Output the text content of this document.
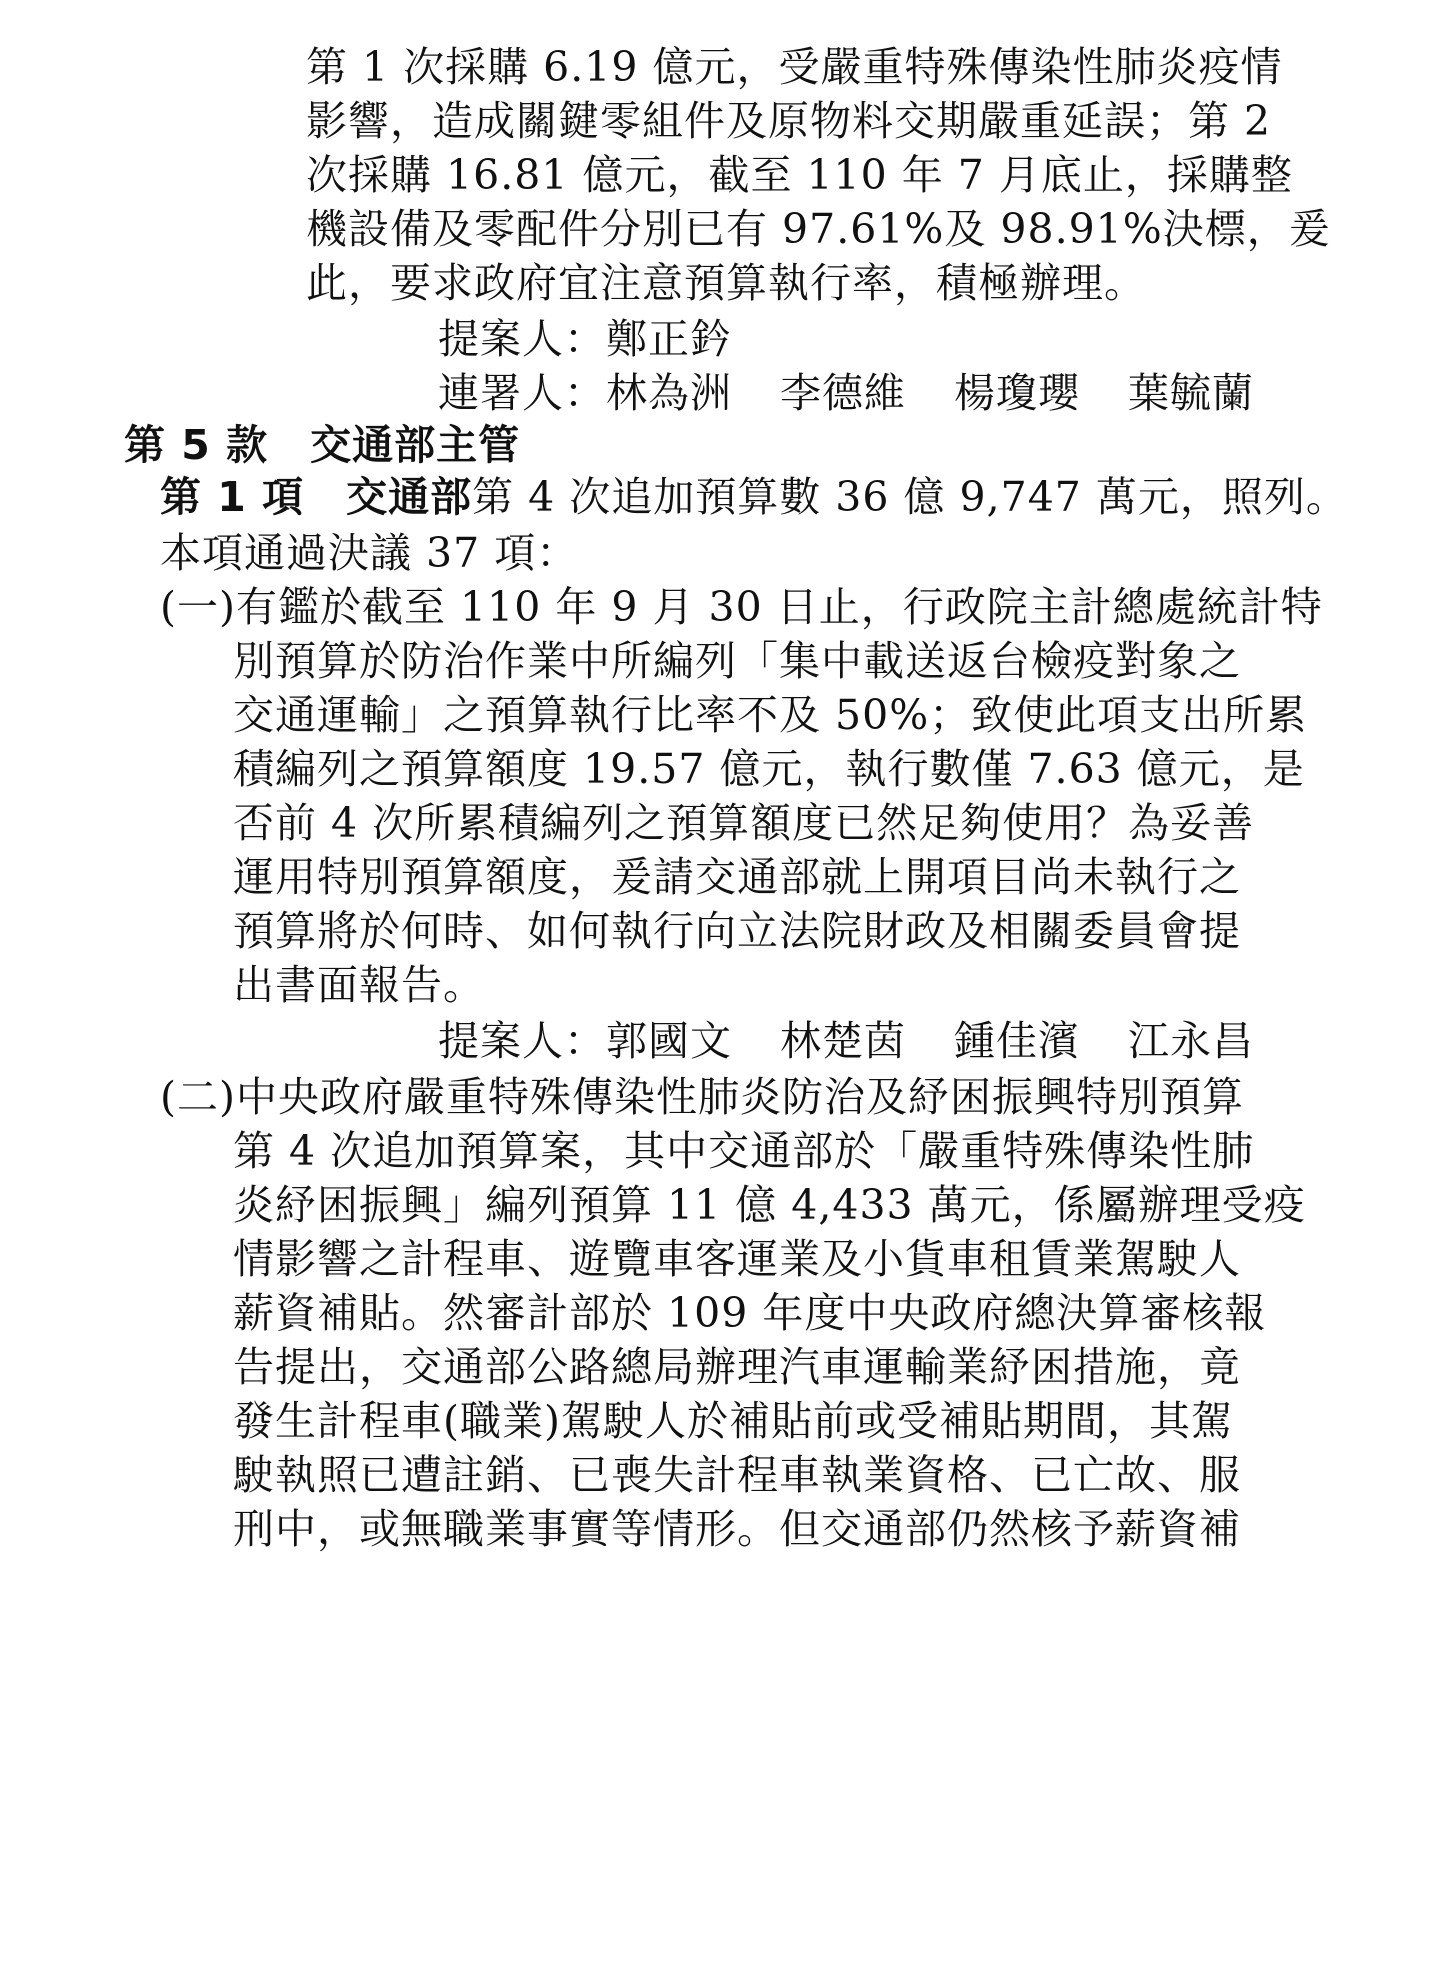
第 1 次採購 6.19 億元，受嚴重特殊傳染性肺炎疫情
影響，造成關鍵零組件及原物料交期嚴重延誤；第 2
次採購 16.81 億元，截至 110 年 7 月底止，採購整
機設備及零配件分別已有 97.61%及 98.91%決標，爰
此，要求政府宜注意預算執行率，積極辦理。
提案人：鄭正鈐
連署人：林為洲 李德維 楊瓊瓔 葉毓蘭
第 5 款　交通部主管
第 1 項　交通部第 4 次追加預算數 36 億 9,747 萬元，照列。
本項通過決議 37 項：
(一)有鑑於截至 110 年 9 月 30 日止，行政院主計總處統計特
別預算於防治作業中所編列「集中載送返台檢疫對象之
交通運輸」之預算執行比率不及 50%；致使此項支出所累
積編列之預算額度 19.57 億元，執行數僅 7.63 億元，是
否前 4 次所累積編列之預算額度已然足夠使用？為妥善
運用特別預算額度，爰請交通部就上開項目尚未執行之
預算將於何時、如何執行向立法院財政及相關委員會提
出書面報告。
提案人：郭國文 林楚茵 鍾佳濱 江永昌
(二)中央政府嚴重特殊傳染性肺炎防治及紓困振興特別預算
第 4 次追加預算案，其中交通部於「嚴重特殊傳染性肺
炎紓困振興」編列預算 11 億 4,433 萬元，係屬辦理受疫
情影響之計程車、遊覽車客運業及小貨車租賃業駕駛人
薪資補貼。然審計部於 109 年度中央政府總決算審核報
告提出，交通部公路總局辦理汽車運輸業紓困措施，竟
發生計程車(職業)駕駛人於補貼前或受補貼期間，其駕
駛執照已遭註銷、已喪失計程車執業資格、已亡故、服
刑中，或無職業事實等情形。但交通部仍然核予薪資補
